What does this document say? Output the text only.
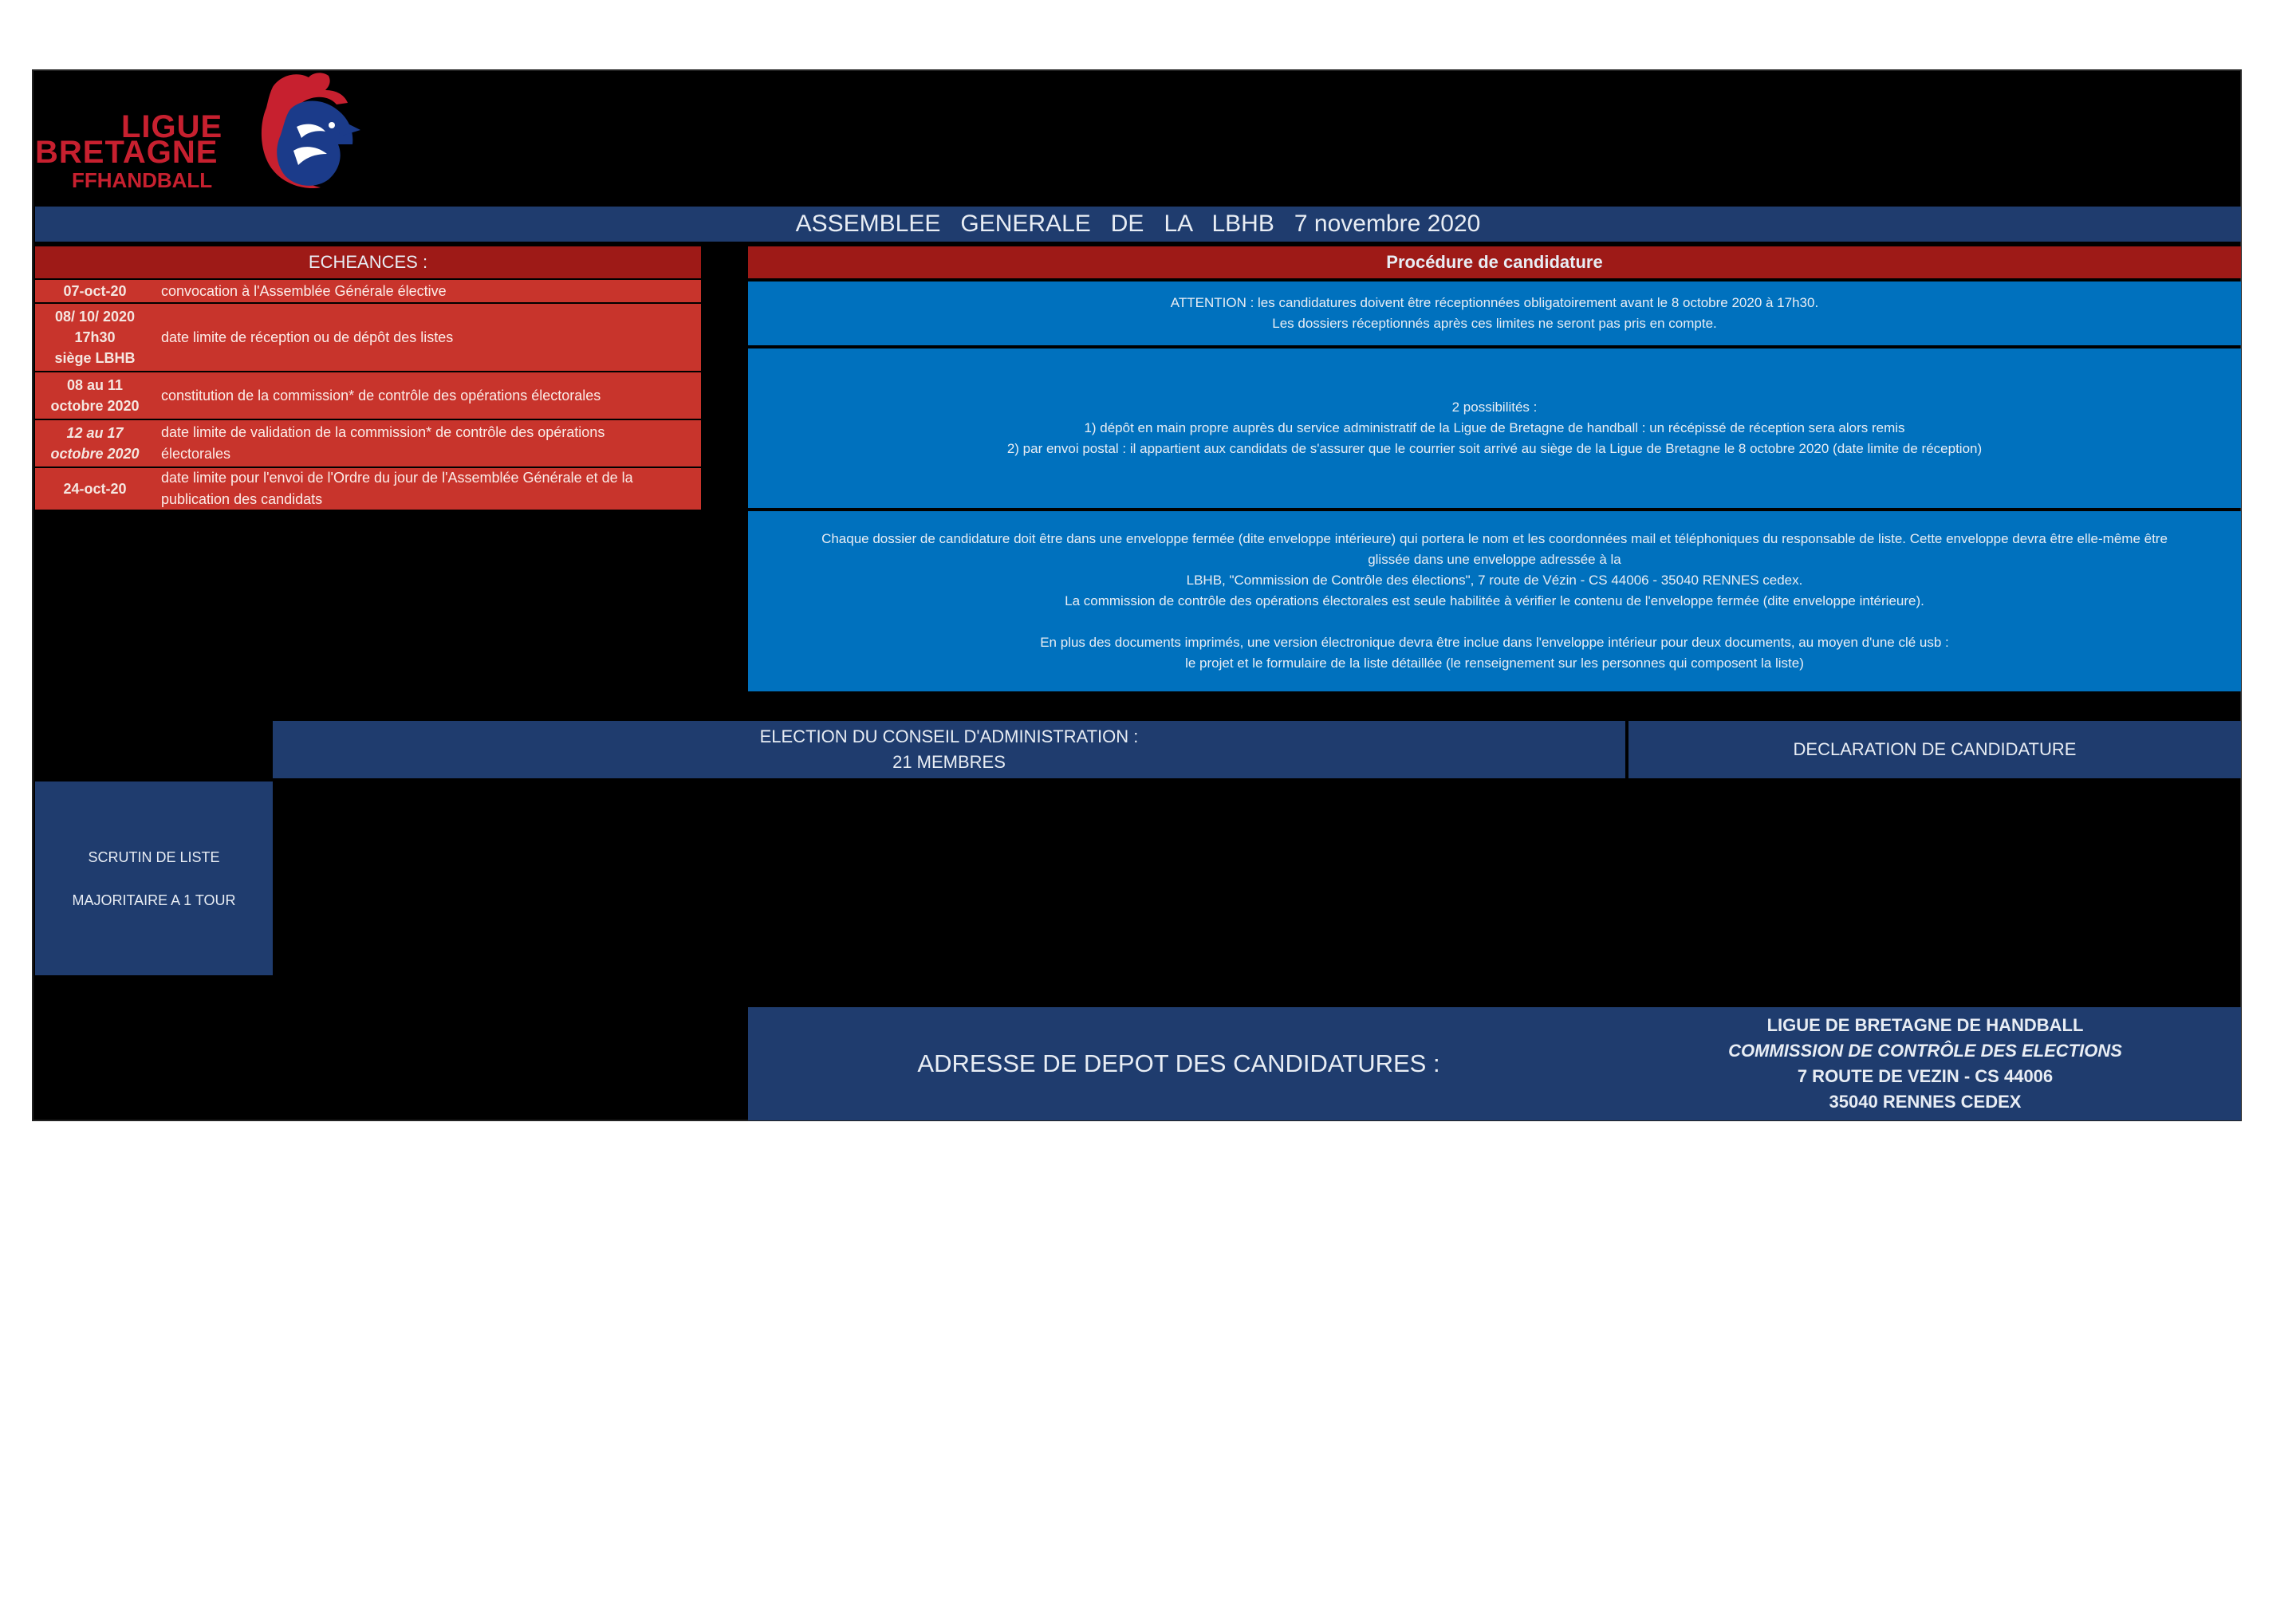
LIGUE
BRETAGNE
FFHANDBALL
ASSEMBLEE   GENERALE   DE   LA   LBHB   7 novembre 2020
ECHEANCES :
07-oct-20	convocation à l'Assemblée Générale élective
08/ 10/ 2020
17h30
siège LBHB
date limite de réception ou de dépôt des listes
08 au 11
octobre 2020
constitution de la commission* de contrôle des opérations électorales
12 au 17
octobre 2020
date limite de validation de la commission* de contrôle des opérations
électorales
24-oct-20
date limite pour l'envoi de l'Ordre du jour de l'Assemblée Générale et de la
publication des candidats
Procédure de candidature

ATTENTION : les candidatures doivent être réceptionnées obligatoirement avant le 8 octobre 2020 à 17h30.

Les dossiers réceptionnés après ces limites ne seront pas pris en compte.

2 possibilités :

1) dépôt en main propre auprès du service administratif de la Ligue de Bretagne de handball : un récépissé de réception sera alors remis

2) par envoi postal : il appartient aux candidats de s'assurer que le courrier soit arrivé au siège de la Ligue de Bretagne le 8 octobre 2020 (date limite de réception)

Chaque dossier de candidature doit être dans une enveloppe fermée (dite enveloppe intérieure) qui portera le nom et les coordonnées mail et téléphoniques du responsable de liste. Cette enveloppe devra être elle-même être

glissée dans une enveloppe adressée à la

LBHB, "Commission de Contrôle des élections", 7 route de Vézin - CS 44006 - 35040 RENNES cedex.

La commission de contrôle des opérations électorales est seule habilitée à vérifier le contenu de l'enveloppe fermée (dite enveloppe intérieure).

En plus des documents imprimés, une version électronique devra être inclue dans l'enveloppe intérieur pour deux documents, au moyen d'une clé usb :

le projet et le formulaire de la liste détaillée (le renseignement sur les personnes qui composent la liste)

ELECTION DU CONSEIL D'ADMINISTRATION :
21 MEMBRES
DECLARATION DE CANDIDATURE
SCRUTIN DE LISTE
MAJORITAIRE A 1 TOUR
ADRESSE DE DEPOT DES CANDIDATURES :
LIGUE DE BRETAGNE DE HANDBALL
COMMISSION DE CONTRÔLE DES ELECTIONS
7 ROUTE DE VEZIN - CS 44006
35040 RENNES CEDEX
